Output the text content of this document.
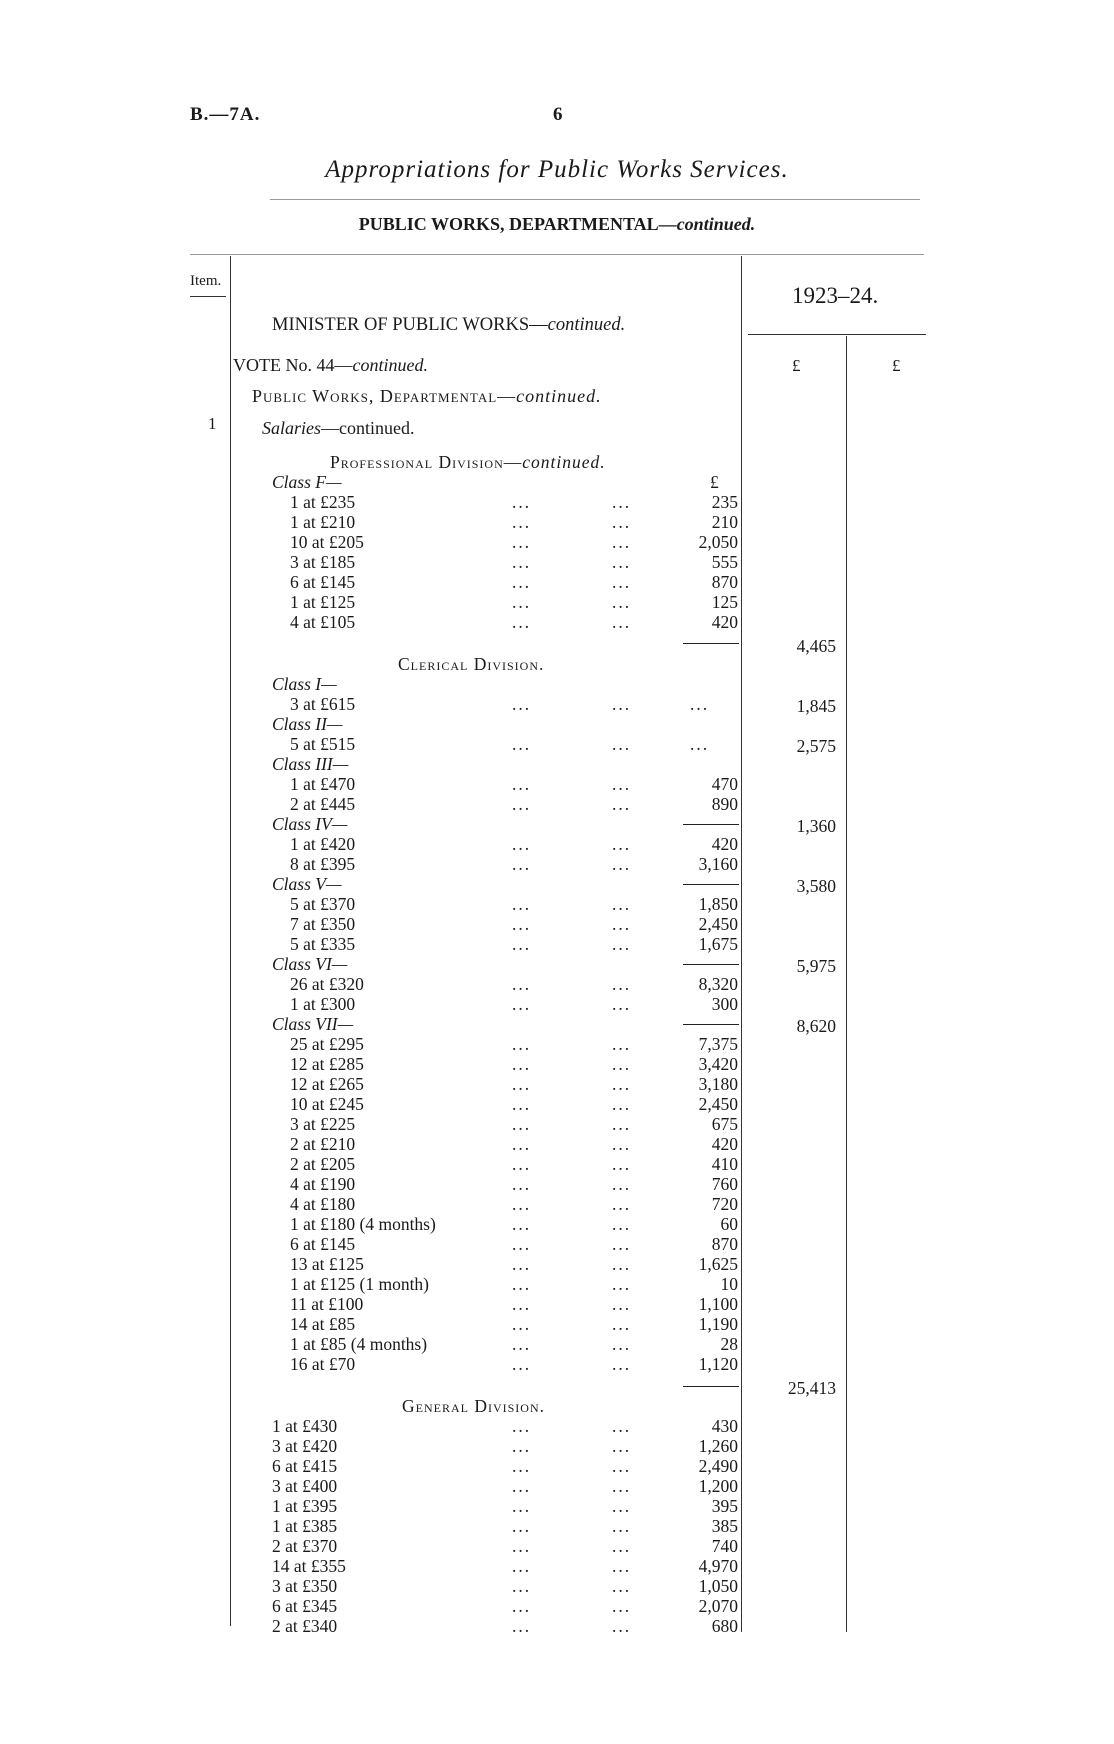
B.—7A.	6
Appropriations for Public Works Services.
PUBLIC WORKS, DEPARTMENTAL—continued.
Item.
1923–24.
£	£
1
MINISTER OF PUBLIC WORKS—continued.
VOTE No. 44—continued.
Public Works, Departmental—continued.
Salaries—continued.
Professional Division—continued.
Class F—	£
1 at £235	...	...	235
1 at £210	...	...	210
10 at £205	...	...	2,050
3 at £185	...	...	555
6 at £145	...	...	870
1 at £125	...	...	125
4 at £105	...	...	420
4,465
Clerical Division.
Class I—
3 at £615	...	...	...	1,845
Class II—
5 at £515	...	...	...	2,575
Class III—
1 at £470	...	...	470
2 at £445	...	...	890
1,360
Class IV—
1 at £420	...	...	420
8 at £395	...	...	3,160
3,580
Class V—
5 at £370	...	...	1,850
7 at £350	...	...	2,450
5 at £335	...	...	1,675
5,975
Class VI—
26 at £320	...	...	8,320
1 at £300	...	...	300
8,620
Class VII—
25 at £295	...	...	7,375
12 at £285	...	...	3,420
12 at £265	...	...	3,180
10 at £245	...	...	2,450
3 at £225	...	...	675
2 at £210	...	...	420
2 at £205	...	...	410
4 at £190	...	...	760
4 at £180	...	...	720
1 at £180 (4 months)	...	...	60
6 at £145	...	...	870
13 at £125	...	...	1,625
1 at £125 (1 month)	...	...	10
11 at £100	...	...	1,100
14 at £85	...	...	1,190
1 at £85 (4 months)	...	...	28
16 at £70	...	...	1,120
25,413
General Division.
1 at £430	...	...	430
3 at £420	...	...	1,260
6 at £415	...	...	2,490
3 at £400	...	...	1,200
1 at £395	...	...	395
1 at £385	...	...	385
2 at £370	...	...	740
14 at £355	...	...	4,970
3 at £350	...	...	1,050
6 at £345	...	...	2,070
2 at £340	...	...	680
